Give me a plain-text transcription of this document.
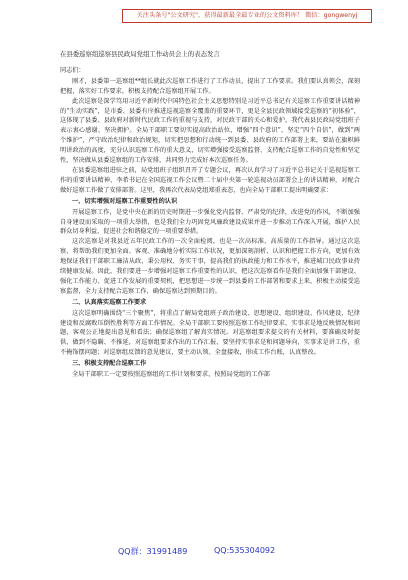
关注头条号"公文研究"，获得最新最全最专业的公文资料库！ 微信：gongwenyj
在县委巡察组巡察县民政局党组工作动员会上的表态发言
同志们：
刚才，县委第一巡察组**组长就此次巡察工作进行了工作动员，提出了工作要求。我们要认真领会，深刻把握，落实好工作要求，积极支持配合巡察组开展工作。
此次巡察是深学笃用习近平新时代中国特色社会主义思想特别是习近平总书记有关巡察工作重要讲话精神的“生动实践”，是市委、县委有序推进巡视巡察全覆盖的重要环节，更是全县民政领域接受巡察的“初体验”，这体现了县委、县政府对新时代民政工作的重视与支持，对民政干部的关心和爱护。我代表县民政局党组班子表示衷心感谢、坚决拥护。全局干部职工要切实提高政治站位，增强“四个意识”、坚定“四个自信”，做到“两个维护”，严守政治纪律和政治规矩，切实把思想和行动统一到县委、县政府的工作部署上来，要站在旗帜鲜明讲政治的高度，充分认识巡察工作的重大意义，切实增强接受巡察监督、支持配合巡察工作的自觉性和坚定性，坚决做从县委巡察组的工作安排，共同努力完成好本次巡察任务。
在县委巡察组进驻之前，局党组班子组织召开了专题会议，再次认真学习了习近平总书记关于巡视巡察工作的重要讲话精神、李希书记在全国巡视工作会议暨二十届中央第一轮巡视动员部署会上的讲话精神，对配合做好巡察工作做了安排部署。这里，我再次代表局党组郑重表态，也向全局干部职工提出明确要求：
一、切实增强对巡察工作重要性的认识
开展巡察工作，是党中央在新的历史时期进一步强化党内监督、严肃党的纪律，改进党的作风，不断加强自身建设而采取的一项重大举措，也是我们全力巩固党风廉政建设成果并进一步推动工作深入开展，维护人民群众切身利益，促进社会和谐稳定的一项重要举措。
这次巡察是对我县近五年民政工作的一次全面检阅，也是一次高标准、高质量的工作指导。通过这次巡察，将帮助我们更加全面、客观、准确地分析实际工作状况，更加深刻剖析、认识和把握工作方向，更加有效地保证我们干部职工廉洁从政、秉公用权、务实干事，提高我们的执政能力和工作水平，推进城口民政事业持续健康发展。因此，我们要进一步增强对巡察工作重要性的认识，把这次巡察看作是我们全面加强干部建设、强化工作能力、促进工作发展的重要契机，把思想进一步统一到县委的工作部署和要求上来，积极主动接受巡察监督，全力支持配合巡察工作，确保巡察达到预期目的。
二、认真落实巡察工作要求
这次巡察明确围绕“三个聚焦”，将重点了解局党组班子政治建设、思想建设、组织建设、作风建设、纪律建设和反腐败压倒性胜利等方面工作情况。全局干部职工要按照巡察工作纪律要求，实事求是地反映情况和问题，客观公正地提出意见和看法；确保巡察组了解真实情况。对巡察组要求提交的有关材料，要准确及时提供，做到不隐瞒、不推延，对巡察组要求作出的工作汇报，要坚持实事求是和问题导向，实事求是讲工作，重不掩饰摆问题；对巡察组反馈的意见建议，要主动认领、全盘接收，形成工作台账，认真整改。
三、积极支持配合巡察工作
全局干部职工一定要按照巡察组的工作计划和要求，按照局党组的工作部
QQ群：31991489	QQ:535304092
